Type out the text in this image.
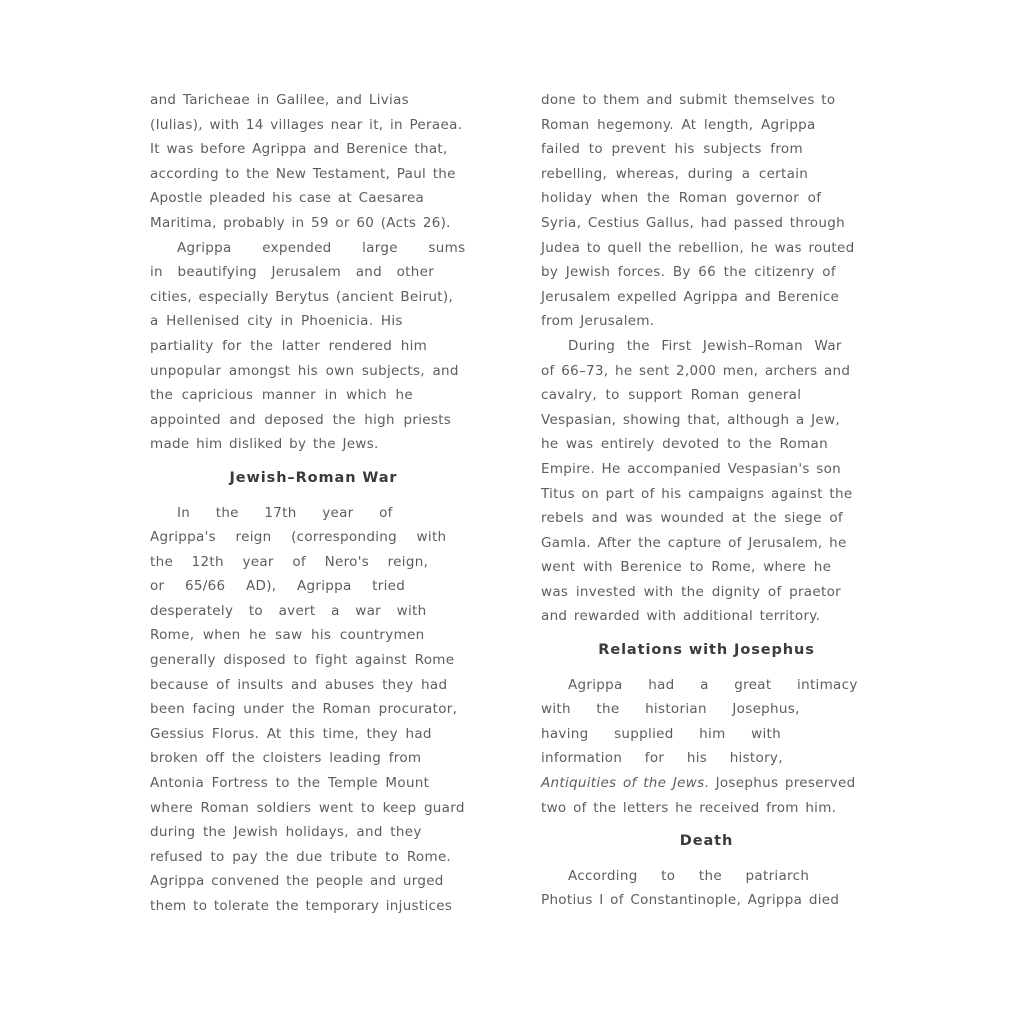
and Taricheae in Galilee, and Livias
(Iulias), with 14 villages near it, in Peraea.
It was before Agrippa and Berenice that,
according to the New Testament, Paul the
Apostle pleaded his case at Caesarea
Maritima, probably in 59 or 60 (Acts 26).
Agrippa expended large sums
in beautifying Jerusalem and other
cities, especially Berytus (ancient Beirut),
a Hellenised city in Phoenicia. His
partiality for the latter rendered him
unpopular amongst his own subjects, and
the capricious manner in which he
appointed and deposed the high priests
made him disliked by the Jews.
Jewish–Roman War
In the 17th year of
Agrippa's reign (corresponding with
the 12th year of Nero's reign,
or 65/66 AD), Agrippa tried
desperately to avert a war with
Rome, when he saw his countrymen
generally disposed to fight against Rome
because of insults and abuses they had
been facing under the Roman procurator,
Gessius Florus. At this time, they had
broken off the cloisters leading from
Antonia Fortress to the Temple Mount
where Roman soldiers went to keep guard
during the Jewish holidays, and they
refused to pay the due tribute to Rome.
Agrippa convened the people and urged
them to tolerate the temporary injustices
done to them and submit themselves to
Roman hegemony. At length, Agrippa
failed to prevent his subjects from
rebelling, whereas, during a certain
holiday when the Roman governor of
Syria, Cestius Gallus, had passed through
Judea to quell the rebellion, he was routed
by Jewish forces. By 66 the citizenry of
Jerusalem expelled Agrippa and Berenice
from Jerusalem.
During the First Jewish–Roman War
of 66–73, he sent 2,000 men, archers and
cavalry, to support Roman general
Vespasian, showing that, although a Jew,
he was entirely devoted to the Roman
Empire. He accompanied Vespasian's son
Titus on part of his campaigns against the
rebels and was wounded at the siege of
Gamla. After the capture of Jerusalem, he
went with Berenice to Rome, where he
was invested with the dignity of praetor
and rewarded with additional territory.
Relations with Josephus
Agrippa had a great intimacy
with the historian Josephus,
having supplied him with
information for his history,
Antiquities of the Jews. Josephus preserved
two of the letters he received from him.
Death
According to the patriarch
Photius I of Constantinople, Agrippa died
